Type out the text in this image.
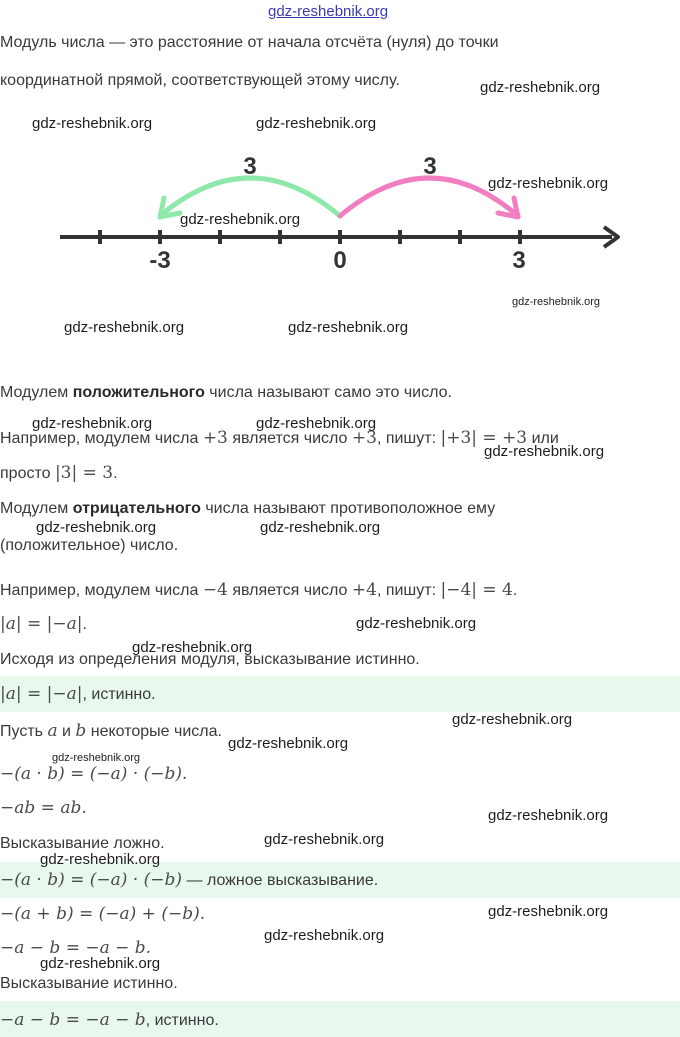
Модуль числа — это расстояние от начала отсчёта (нуля) до точки
координатной прямой, соответствующей этому числу.
3	3
-3	0	3
Модулем положительного числа называют само это число.
Например, модулем числа +3 является число +3, пишут: |+3| = +3 или
просто |3| = 3.
Модулем отрицательного числа называют противоположное ему
(положительное) число.
Например, модулем числа −4 является число +4, пишут: |−4| = 4.
|a| = |−a|.
Исходя из определения модуля, высказывание истинно.
|a| = |−a|, истинно.
Пусть a и b некоторые числа.
−(a · b) = (−a) · (−b).
−ab = ab.
Высказывание ложно.
−(a · b) = (−a) · (−b) — ложное высказывание.
−(a + b) = (−a) + (−b).
−a − b = −a − b.
Высказывание истинно.
−a − b = −a − b, истинно.
gdz-reshebnik.org
gdz-reshebnik.org
gdz-reshebnik.org	gdz-reshebnik.org
gdz-reshebnik.org
gdz-reshebnik.org
gdz-reshebnik.org
gdz-reshebnik.org	gdz-reshebnik.org
gdz-reshebnik.org	gdz-reshebnik.org
gdz-reshebnik.org
gdz-reshebnik.org	gdz-reshebnik.org
gdz-reshebnik.org
gdz-reshebnik.org
gdz-reshebnik.org
gdz-reshebnik.org
gdz-reshebnik.org
gdz-reshebnik.org
gdz-reshebnik.org
gdz-reshebnik.org
gdz-reshebnik.org
gdz-reshebnik.org
gdz-reshebnik.org
